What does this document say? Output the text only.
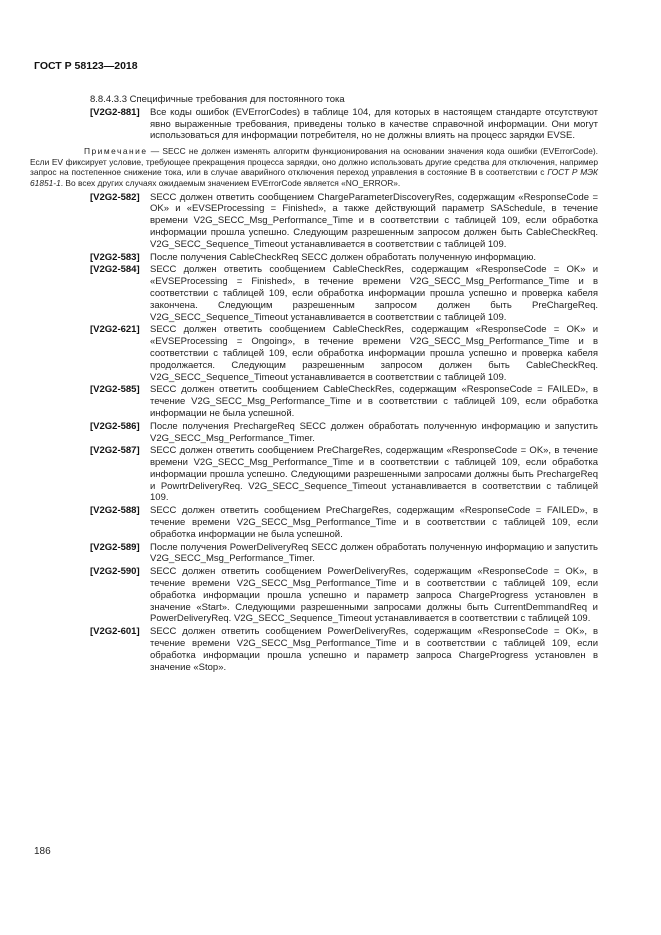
ГОСТ Р 58123—2018
8.8.4.3.3 Специфичные требования для постоянного тока
[V2G2-881]	Все коды ошибок (EVErrorCodes) в таблице 104, для которых в настоящем стандарте отсутствуют явно выраженные требования, приведены только в качестве справочной информации. Они могут использоваться для информации потребителя, но не должны влиять на процесс зарядки EVSE.
Примечание — SECC не должен изменять алгоритм функционирования на основании значения кода ошибки (EVErrorCode). Если EV фиксирует условие, требующее прекращения процесса зарядки, оно должно использовать другие средства для отключения, например запрос на постепенное снижение тока, или в случае аварийного отключения переход управления в состояние B в соответствии с ГОСТ Р МЭК 61851-1. Во всех других случаях ожидаемым значением EVErrorCode является «NO_ERROR».
[V2G2-582]	SECC должен ответить сообщением ChargeParameterDiscoveryRes, содержащим «ResponseCode = OK» и «EVSEProcessing = Finished», а также действующий параметр SASchedule, в течение времени V2G_SECC_Msg_Performance_Time и в соответствии с таблицей 109, если обработка информации прошла успешно. Следующим разрешенным запросом должен быть CableCheckReq. V2G_SECC_Sequence_Timeout устанавливается в соответствии с таблицей 109.
[V2G2-583]	После получения CableCheckReq SECC должен обработать полученную информацию.
[V2G2-584]	SECC должен ответить сообщением CableCheckRes, содержащим «ResponseCode = OK» и «EVSEProcessing = Finished», в течение времени V2G_SECC_Msg_Performance_Time и в соответствии с таблицей 109, если обработка информации прошла успешно и проверка кабеля закончена. Следующим разрешенным запросом должен быть PreChargeReq. V2G_SECC_Sequence_Timeout устанавливается в соответствии с таблицей 109.
[V2G2-621]	SECC должен ответить сообщением CableCheckRes, содержащим «ResponseCode = OK» и «EVSEProcessing = Ongoing», в течение времени V2G_SECC_Msg_Performance_Time и в соответствии с таблицей 109, если обработка информации прошла успешно и проверка кабеля продолжается. Следующим разрешенным запросом должен быть CableCheckReq. V2G_SECC_Sequence_Timeout устанавливается в соответствии с таблицей 109.
[V2G2-585]	SECC должен ответить сообщением CableCheckRes, содержащим «ResponseCode = FAILED», в течение V2G_SECC_Msg_Performance_Time и в соответствии с таблицей 109, если обработка информации не была успешной.
[V2G2-586]	После получения PrechargeReq SECC должен обработать полученную информацию и запустить V2G_SECC_Msg_Performance_Timer.
[V2G2-587]	SECC должен ответить сообщением PreChargeRes, содержащим «ResponseCode = OK», в течение времени V2G_SECC_Msg_Performance_Time и в соответствии с таблицей 109, если обработка информации прошла успешно. Следующими разрешенными запросами должны быть PrechargeReq и PowrtrDeliveryReq. V2G_SECC_Sequence_Timeout устанавливается в соответствии с таблицей 109.
[V2G2-588]	SECC должен ответить сообщением PreChargeRes, содержащим «ResponseCode = FAILED», в течение времени V2G_SECC_Msg_Performance_Time и в соответствии с таблицей 109, если обработка информации не была успешной.
[V2G2-589]	После получения PowerDeliveryReq SECC должен обработать полученную информацию и запустить V2G_SECC_Msg_Performance_Timer.
[V2G2-590]	SECC должен ответить сообщением PowerDeliveryRes, содержащим «ResponseCode = OK», в течение времени V2G_SECC_Msg_Performance_Time и в соответствии с таблицей 109, если обработка информации прошла успешно и параметр запроса ChargeProgress установлен в значение «Start». Следующими разрешенными запросами должны быть CurrentDemmandReq и PowerDeliveryReq. V2G_SECC_Sequence_Timeout устанавливается в соответствии с таблицей 109.
[V2G2-601]	SECC должен ответить сообщением PowerDeliveryRes, содержащим «ResponseCode = OK», в течение времени V2G_SECC_Msg_Performance_Time и в соответствии с таблицей 109, если обработка информации прошла успешно и параметр запроса ChargeProgress установлен в значение «Stop».
186
